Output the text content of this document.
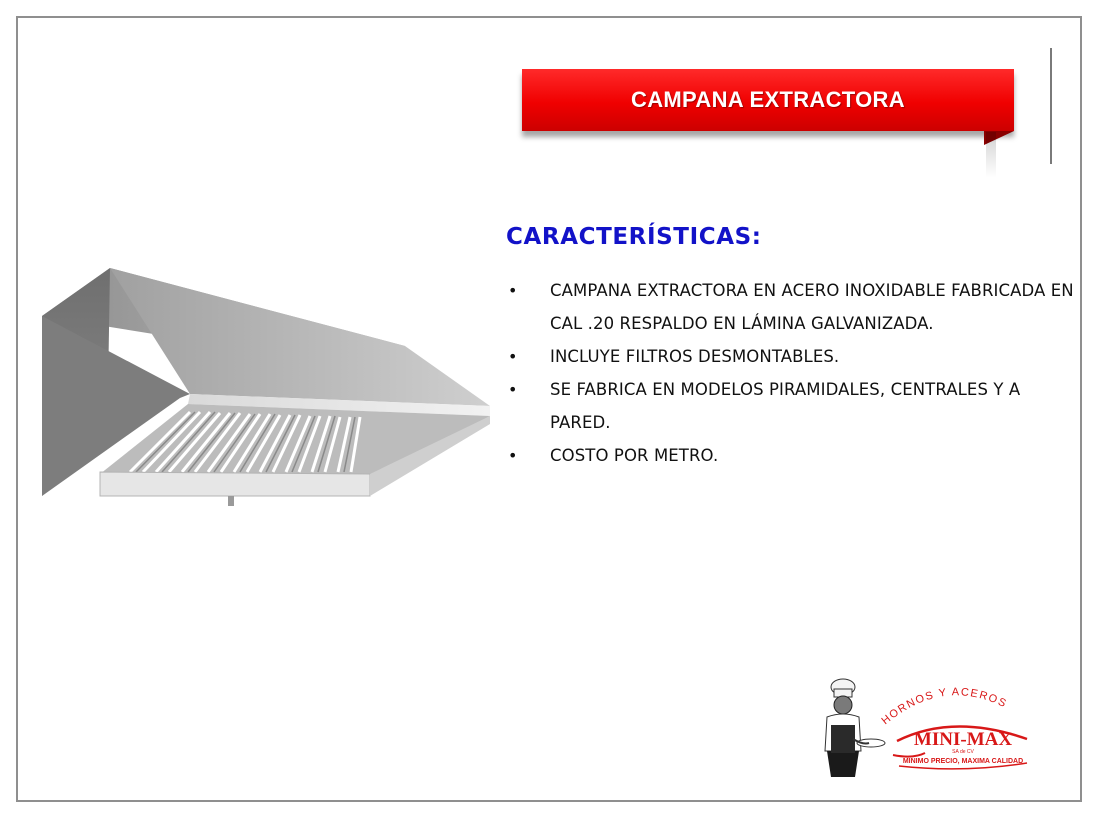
CAMPANA EXTRACTORA
CARACTERÍSTICAS:
• CAMPANA EXTRACTORA EN ACERO INOXIDABLE FABRICADA EN CAL .20 RESPALDO EN LÁMINA GALVANIZADA.
• INCLUYE FILTROS DESMONTABLES.
• SE FABRICA EN MODELOS PIRAMIDALES, CENTRALES Y A PARED.
• COSTO POR METRO.
HORNOS Y ACEROS
MINI-MAX
SA de CV
MINIMO PRECIO, MAXIMA CALIDAD
